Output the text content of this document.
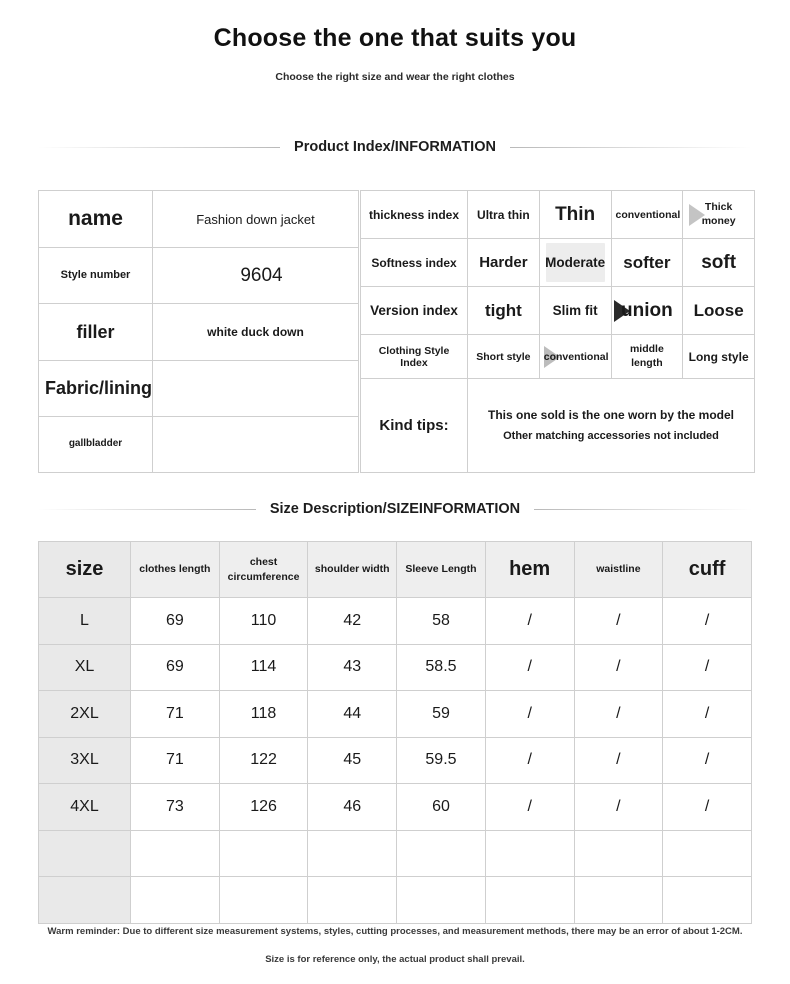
Choose the one that suits you
Choose the right size and wear the right clothes
Product Index/INFORMATION
name	Fashion down jacket
Style number	9604
filler	white duck down
Fabric/lining	
gallbladder	
thickness index	Ultra thin	Thin	conventional	Thick money
Softness index	Harder	Moderate	softer	soft
Version index	tight	Slim fit	union	Loose
Clothing Style Index	Short style	conventional	middle length	Long style
Kind tips:	This one sold is the one worn by the model
Other matching accessories not included			
Size Description/SIZEINFORMATION
size	clothes length	chest circumference	shoulder width	Sleeve Length	hem	waistline	cuff
L	69	110	42	58	/	/	/
XL	69	114	43	58.5	/	/	/
2XL	71	118	44	59	/	/	/
3XL	71	122	45	59.5	/	/	/
4XL	73	126	46	60	/	/	/

Warm reminder: Due to different size measurement systems, styles, cutting processes, and measurement methods, there may be an error of about 1-2CM.
Size is for reference only, the actual product shall prevail.
